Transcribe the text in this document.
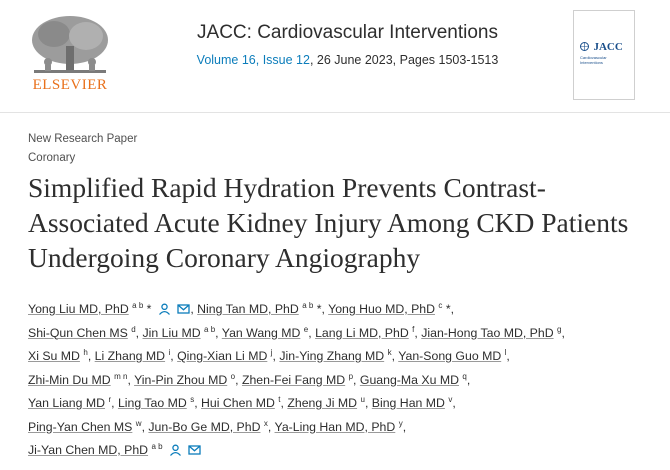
ELSEVIER
JACC: Cardiovascular Interventions
Volume 16, Issue 12, 26 June 2023, Pages 1503-1513
JACC
Cardiovascular Interventions
New Research Paper
Coronary
Simplified Rapid Hydration Prevents Contrast-Associated Acute Kidney Injury Among CKD Patients Undergoing Coronary Angiography
Yong Liu MD, PhD $^{a b}$ *	, Ning Tan MD, PhD $^{a b}$ *, Yong Huo MD, PhD $^c$ *,
Shi-Qun Chen MS $^d$, Jin Liu MD $^{a b}$, Yan Wang MD $^e$, Lang Li MD, PhD $^f$, Jian-Hong Tao MD, PhD $^g$,
Xi Su MD $^h$, Li Zhang MD $^i$, Qing-Xian Li MD $^j$, Jin-Ying Zhang MD $^k$, Yan-Song Guo MD $^l$,
Zhi-Min Du MD $^{m n}$, Yin-Pin Zhou MD $^o$, Zhen-Fei Fang MD $^p$, Guang-Ma Xu MD $^q$,
Yan Liang MD $^r$, Ling Tao MD $^s$, Hui Chen MD $^t$, Zheng Ji MD $^u$, Bing Han MD $^v$,
Ping-Yan Chen MS $^w$, Jun-Bo Ge MD, PhD $^x$, Ya-Ling Han MD, PhD $^y$,
Ji-Yan Chen MD, PhD $^{a b}$
